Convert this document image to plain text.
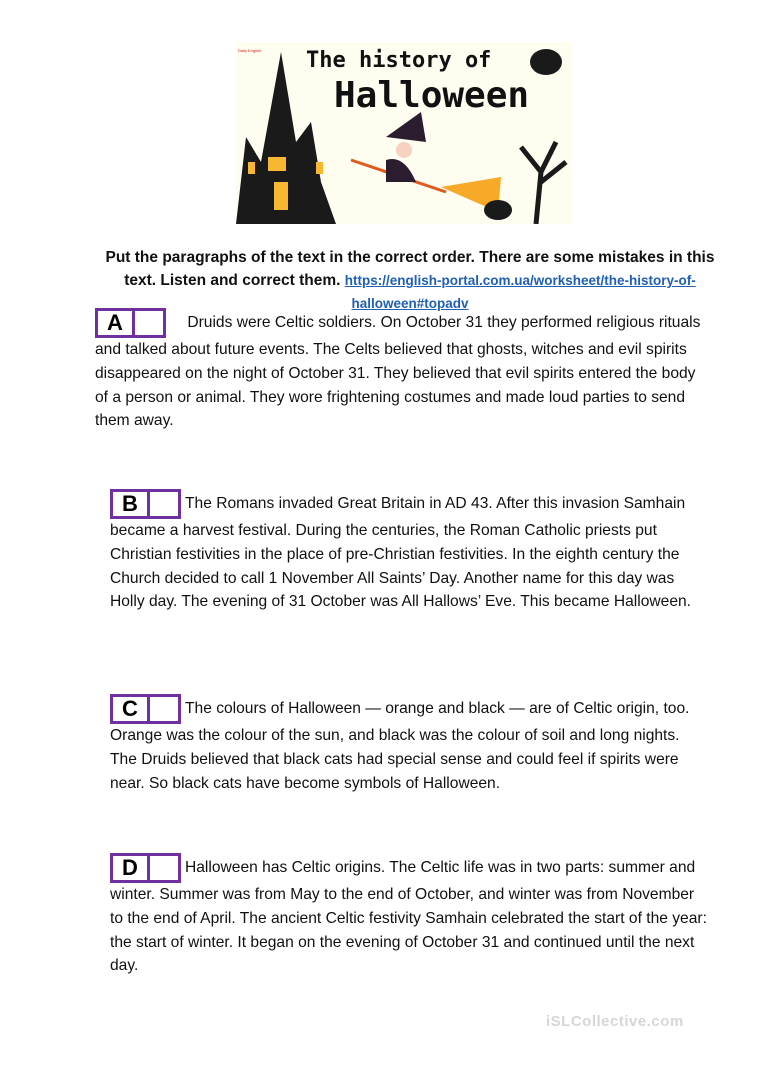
Daily English The history of
Halloween
Put the paragraphs of the text in the correct order. There are some mistakes in this text. Listen and correct them. https://english-portal.com.ua/worksheet/the-history-of-halloween#topadv
A	Druids were Celtic soldiers. On October 31 they performed religious rituals and talked about future events. The Celts believed that ghosts, witches and evil spirits disappeared on the night of October 31. They believed that evil spirits entered the body of a person or animal. They wore frightening costumes and made loud parties to send them away.
B	The Romans invaded Great Britain in AD 43. After this invasion Samhain became a harvest festival. During the centuries, the Roman Catholic priests put Christian festivities in the place of pre-Christian festivities. In the eighth century the Church decided to call 1 November All Saints’ Day. Another name for this day was Holly day. The evening of 31 October was All Hallows’ Eve. This became Halloween.
C	The colours of Halloween — orange and black — are of Celtic origin, too. Orange was the colour of the sun, and black was the colour of soil and long nights. The Druids believed that black cats had special sense and could feel if spirits were near. So black cats have become symbols of Halloween.
D	Halloween has Celtic origins. The Celtic life was in two parts: summer and winter. Summer was from May to the end of October, and winter was from November to the end of April. The ancient Celtic festivity Samhain celebrated the start of the year: the start of winter. It began on the evening of October 31 and continued until the next day.
iSLCollective.com
